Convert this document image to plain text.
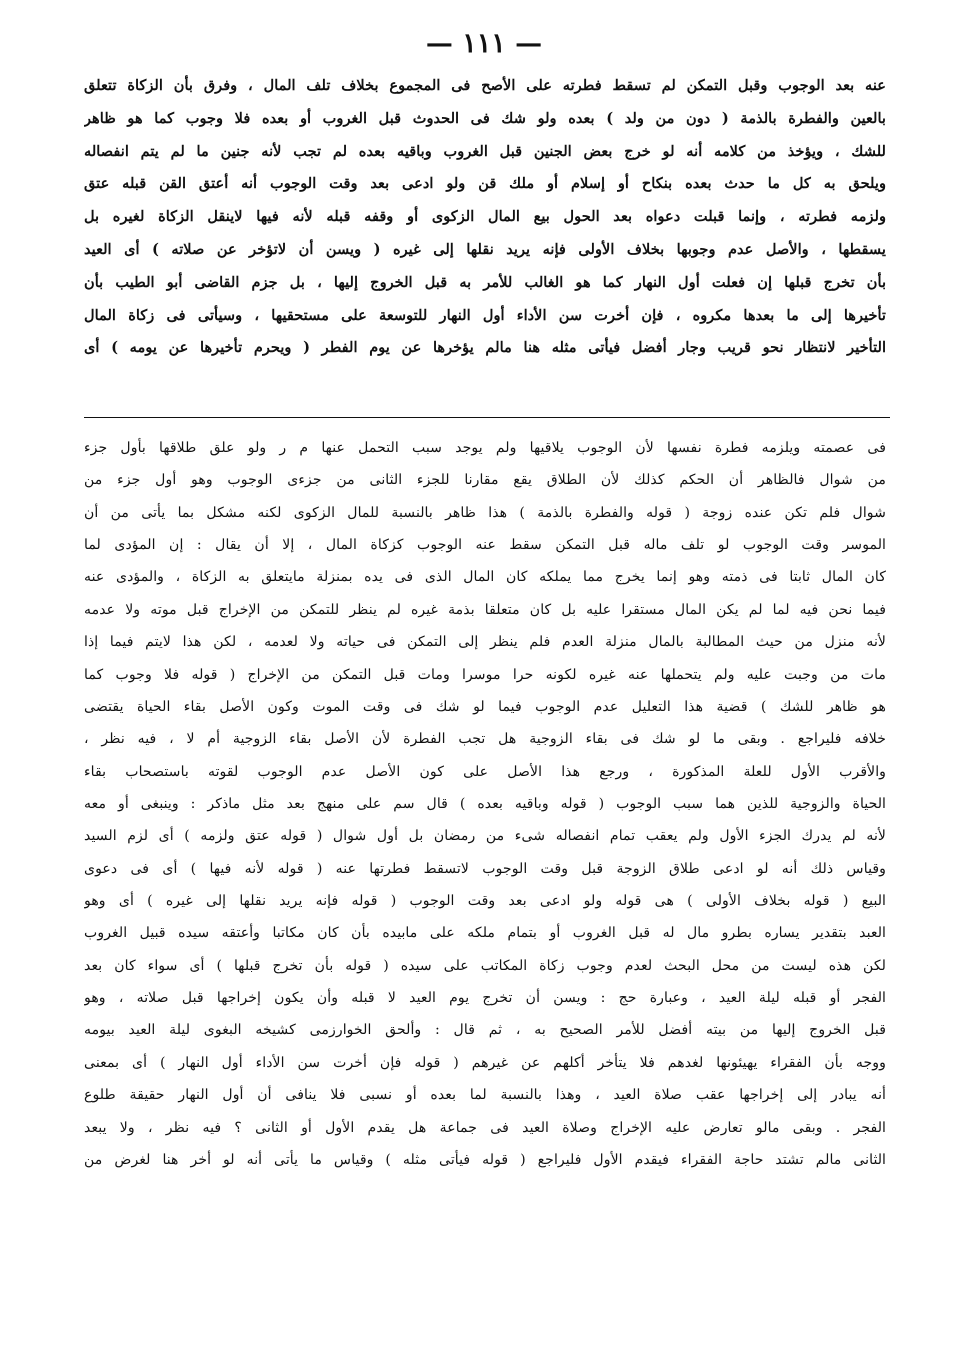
— ١١١ —
عنه بعد الوجوب وقبل التمكن لم تسقط فطرته على الأصح فى المجموع بخلاف تلف المال ، وفرق بأن الزكاة تتعلق
بالعين والفطرة بالذمة ( دون من ولد ) بعده ولو شك فى الحدوث قبل الغروب أو بعده فلا وجوب كما هو ظاهر
للشك ، ويؤخذ من كلامه أنه لو خرج بعض الجنين قبل الغروب وباقيه بعده لم تجب لأنه جنين ما لم يتم انفصاله
ويلحق به كل ما حدث بعده بنكاح أو إسلام أو ملك قن ولو ادعى بعد وقت الوجوب أنه أعتق القن قبله عتق
ولزمه فطرته ، وإنما قبلت دعواه بعد الحول بيع المال الزكوى أو وقفه قبله لأنه فيها لاينقل الزكاة لغيره بل
يسقطها ، والأصل عدم وجوبها بخلاف الأولى فإنه يريد نقلها إلى غيره ( ويسن أن لاتؤخر عن صلاته ) أى العيد
بأن تخرج قبلها إن فعلت أول النهار كما هو الغالب للأمر به قبل الخروج إليها ، بل جزم القاضى أبو الطيب بأن
تأخيرها إلى ما بعدها مكروه ، فإن أخرت سن الأداء أول النهار للتوسعة على مستحقيها ، وسيأتى فى زكاة المال
التأخير لانتظار نحو قريب وجار أفضل فيأتى مثله هنا مالم يؤخرها عن يوم الفطر ( ويحرم تأخيرها عن يومه ) أى
فى عصمته ويلزمه فطرة نفسها لأن الوجوب يلاقيها ولم يوجد سبب التحمل عنها م ر ولو علق طلاقها بأول جزء
من شوال فالظاهر أن الحكم كذلك لأن الطلاق يقع مقارنا للجزء الثانى من جزءى الوجوب وهو أول جزء من
شوال فلم تكن عنده زوجة ( قوله والفطرة بالذمة ) هذا ظاهر بالنسبة للمال الزكوى لكنه مشكل بما يأتى من أن
الموسر وقت الوجوب لو تلف ماله قبل التمكن سقط عنه الوجوب كزكاة المال ، إلا أن يقال : إن المؤدى لما
كان المال ثابتا فى ذمته وهو إنما يخرج مما يملكه كان المال الذى فى يده بمنزلة مايتعلق به الزكاة ، والمؤدى عنه
فيما نحن فيه لما لم يكن المال مستقرا عليه بل كان متعلقا بذمة غيره لم ينظر للتمكن من الإخراج قبل موته ولا عدمه
لأنه منزل من حيث المطالبة بالمال منزلة العدم فلم ينظر إلى التمكن فى حياته ولا لعدمه ، لكن هذا لايتم فيما إذا
مات من وجبت عليه ولم يتحملها عنه غيره لكونه حرا موسرا ومات قبل التمكن من الإخراج ( قوله فلا وجوب كما
هو ظاهر للشك ) قضية هذا التعليل عدم الوجوب فيما لو شك فى وقت الموت وكون الأصل بقاء الحياة يقتضى
خلافه فليراجع . وبقى ما لو شك فى بقاء الزوجية هل تجب الفطرة لأن الأصل بقاء الزوجية أم لا ، فيه نظر ،
والأقرب الأول للعلة المذكورة ، ورجع هذا الأصل على كون الأصل عدم الوجوب لقوته باستصحاب بقاء
الحياة والزوجية للذين هما سبب الوجوب ( قوله وباقيه بعده ) قال سم على منهج بعد مثل ماذكر : وينبغى أو معه
لأنه لم يدرك الجزء الأول ولم يعقب تمام انفصاله شىء من رمضان بل أول شوال ( قوله عتق ولزمه ) أى لزم السيد
وقياس ذلك أنه لو ادعى طلاق الزوجة قبل وقت الوجوب لاتسقط فطرتها عنه ( قوله لأنه فيها ) أى فى دعوى
البيع ( قوله بخلاف الأولى ) هى قوله ولو ادعى بعد وقت الوجوب ( قوله فإنه يريد نقلها إلى غيره ) أى وهو
العبد بتقدير يساره بطرو مال له قبل الغروب أو بتمام ملكه على مابيده بأن كان مكاتبا وأعتقه سيده قبيل الغروب
لكن هذه ليست من محل البحث لعدم وجوب زكاة المكاتب على سيده ( قوله بأن تخرج قبلها ) أى سواء كان بعد
الفجر أو قبله ليلة العيد ، وعبارة حج : ويسن أن تخرج يوم العيد لا قبله وأن يكون إخراجها قبل صلاته ، وهو
قبل الخروج إليها من بيته أفضل للأمر الصحيح به ، ثم قال : وألحق الخوارزمى كشيخه البغوى ليلة العيد بيومه
ووجه بأن الفقراء يهيئونها لغدهم فلا يتأخر أكلهم عن غيرهم ( قوله فإن أخرت سن الأداء أول النهار ) أى بمعنى
أنه يبادر إلى إخراجها عقب صلاة العيد ، وهذا بالنسبة لما بعده أو نسبى فلا ينافى أن أول النهار حقيقة طلوع
الفجر . وبقى مالو تعارض عليه الإخراج وصلاة العيد فى جماعة هل يقدم الأول أو الثانى ؟ فيه نظر ، ولا يبعد
الثانى مالم تشتد حاجة الفقراء فيقدم الأول فليراجع ( قوله فيأتى مثله ) وقياس ما يأتى أنه لو أخر هنا لغرض من
